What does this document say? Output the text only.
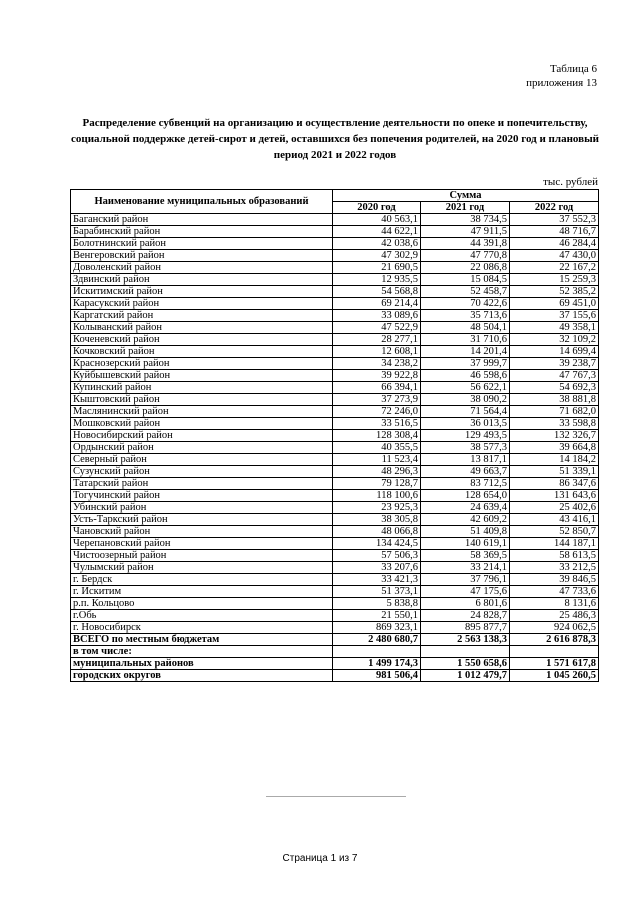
Таблица 6
приложения 13
Распределение субвенций на организацию и осуществление деятельности по опеке и попечительству, социальной поддержке детей-сирот и детей, оставшихся без попечения родителей, на 2020 год и плановый период 2021 и 2022 годов
тыс. рублей
Наименование муниципальных образований	Сумма		
	2020 год	2021 год	2022 год
Баганский район	40 563,1	38 734,5	37 552,3
Барабинский район	44 622,1	47 911,5	48 716,7
Болотнинский район	42 038,6	44 391,8	46 284,4
Венгеровский район	47 302,9	47 770,8	47 430,0
Доволенский район	21 690,5	22 086,8	22 167,2
Здвинский район	12 935,5	15 084,5	15 259,3
Искитимский район	54 568,8	52 458,7	52 385,2
Карасукский район	69 214,4	70 422,6	69 451,0
Каргатский район	33 089,6	35 713,6	37 155,6
Колыванский район	47 522,9	48 504,1	49 358,1
Коченевский район	28 277,1	31 710,6	32 109,2
Кочковский район	12 608,1	14 201,4	14 699,4
Краснозерский район	34 238,2	37 999,7	39 238,7
Куйбышевский район	39 922,8	46 598,6	47 767,3
Купинский район	66 394,1	56 622,1	54 692,3
Кыштовский район	37 273,9	38 090,2	38 881,8
Маслянинский район	72 246,0	71 564,4	71 682,0
Мошковский район	33 516,5	36 013,5	33 598,8
Новосибирский район	128 308,4	129 493,5	132 326,7
Ордынский район	40 355,5	38 577,3	39 664,8
Северный район	11 523,4	13 817,1	14 184,2
Сузунский район	48 296,3	49 663,7	51 339,1
Татарский район	79 128,7	83 712,5	86 347,6
Тогучинский район	118 100,6	128 654,0	131 643,6
Убинский район	23 925,3	24 639,4	25 402,6
Усть-Таркский район	38 305,8	42 609,2	43 416,1
Чановский район	48 066,8	51 409,8	52 850,7
Черепановский район	134 424,5	140 619,1	144 187,1
Чистоозерный район	57 506,3	58 369,5	58 613,5
Чулымский район	33 207,6	33 214,1	33 212,5
г. Бердск	33 421,3	37 796,1	39 846,5
г. Искитим	51 373,1	47 175,6	47 733,6
р.п. Кольцово	5 838,8	6 801,6	8 131,6
г.Обь	21 550,1	24 828,7	25 486,3
г. Новосибирск	869 323,1	895 877,7	924 062,5
ВСЕГО по местным бюджетам	2 480 680,7	2 563 138,3	2 616 878,3
в том числе:			
муниципальных районов	1 499 174,3	1 550 658,6	1 571 617,8
городских округов	981 506,4	1 012 479,7	1 045 260,5
Страница 1 из 7
